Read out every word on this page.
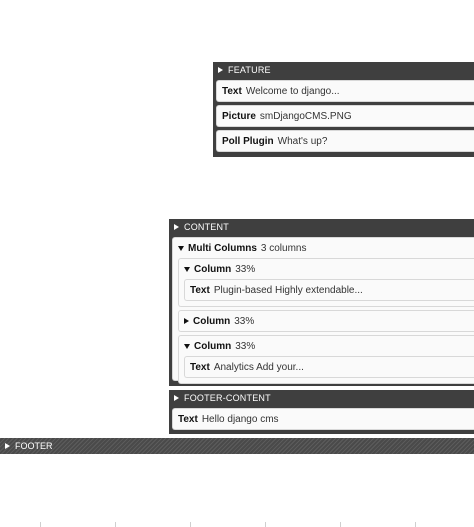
FEATURE
Text Welcome to django...
Picture smDjangoCMS.PNG
Poll Plugin What's up?
CONTENT
Multi Columns 3 columns
Column 33%
Text Plugin-based Highly extendable...
Column 33%
Column 33%
Text Analytics Add your...
FOOTER-CONTENT
Text Hello django cms
FOOTER
